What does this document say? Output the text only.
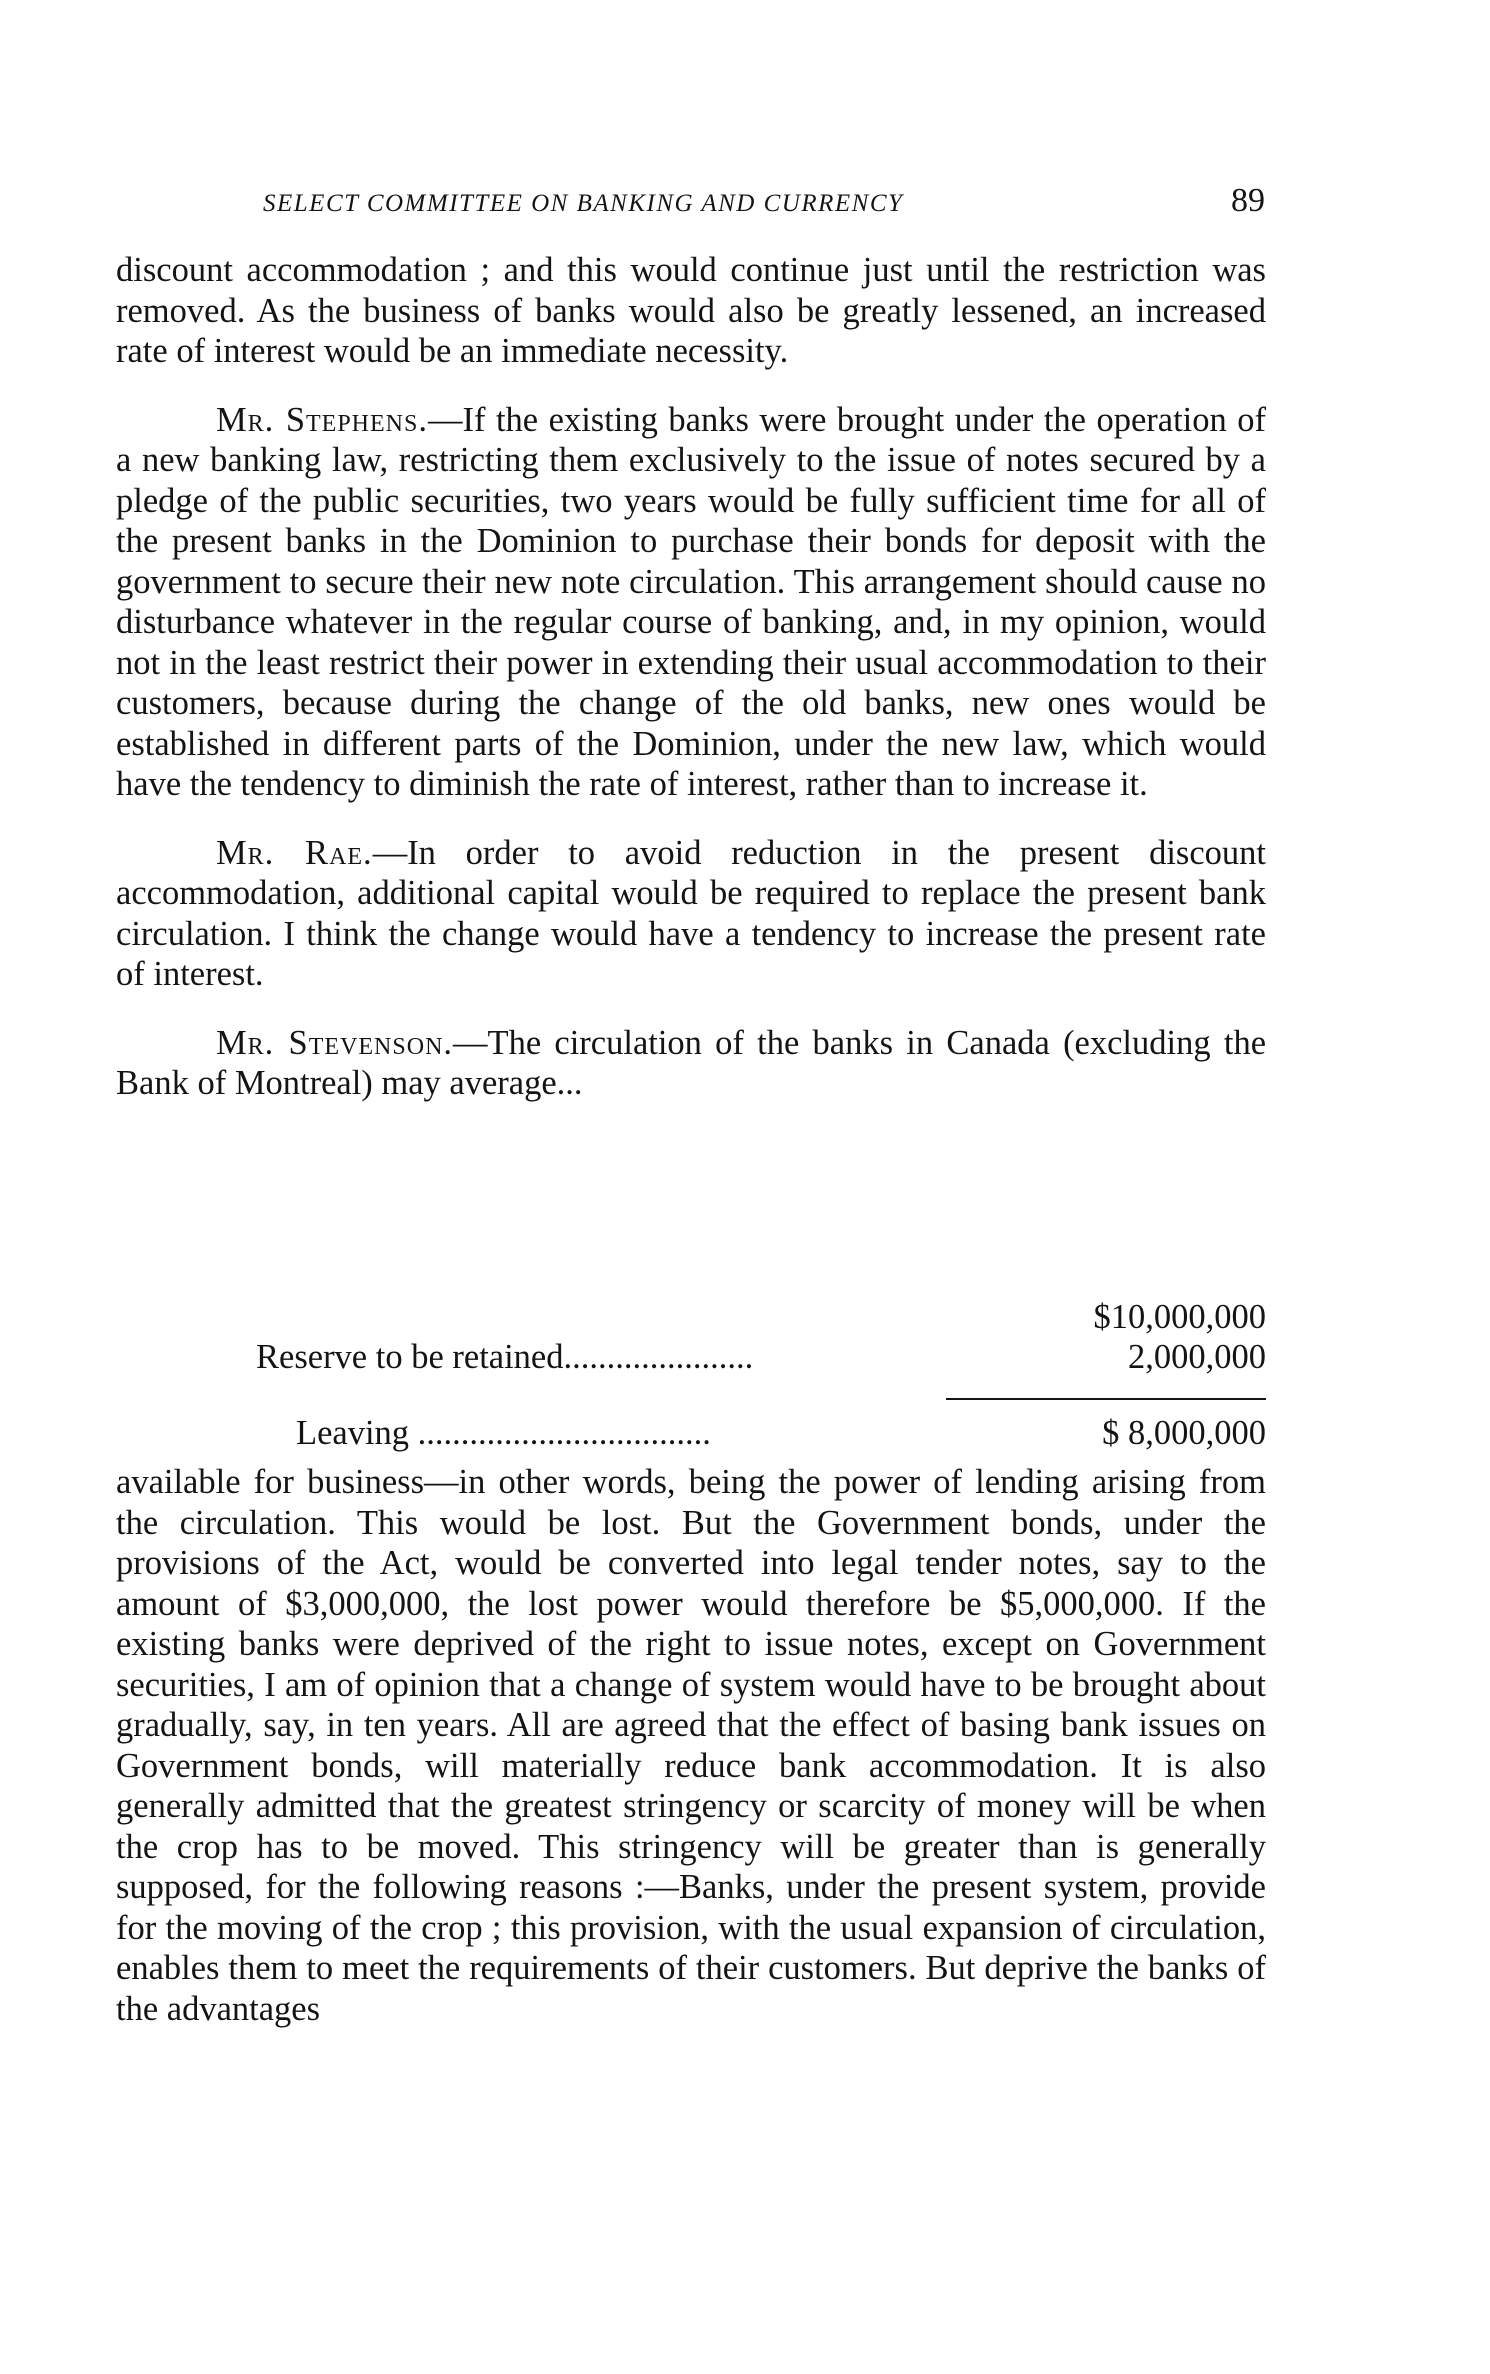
SELECT COMMITTEE ON BANKING AND CURRENCY	89

discount accommodation ; and this would continue just until the restriction was removed. As the business of banks would also be greatly lessened, an increased rate of interest would be an immediate necessity.

Mr. Stephens.—If the existing banks were brought under the operation of a new banking law, restricting them exclusively to the issue of notes secured by a pledge of the public securities, two years would be fully sufficient time for all of the present banks in the Dominion to purchase their bonds for deposit with the government to secure their new note circulation. This arrangement should cause no disturbance whatever in the regular course of banking, and, in my opinion, would not in the least restrict their power in extending their usual accommodation to their customers, because during the change of the old banks, new ones would be established in different parts of the Dominion, under the new law, which would have the tendency to diminish the rate of interest, rather than to increase it.

Mr. Rae.—In order to avoid reduction in the present discount accommodation, additional capital would be required to replace the present bank circulation. I think the change would have a tendency to increase the present rate of interest.

Mr. Stevenson.—The circulation of the banks in Canada (excluding the Bank of Montreal) may average...

$10,000,000
Reserve to be retained......................	2,000,000
Leaving ..................................	$ 8,000,000

available for business—in other words, being the power of lending arising from the circulation. This would be lost. But the Government bonds, under the provisions of the Act, would be converted into legal tender notes, say to the amount of $3,000,000, the lost power would therefore be $5,000,000. If the existing banks were deprived of the right to issue notes, except on Government securities, I am of opinion that a change of system would have to be brought about gradually, say, in ten years. All are agreed that the effect of basing bank issues on Government bonds, will materially reduce bank accommodation. It is also generally admitted that the greatest stringency or scarcity of money will be when the crop has to be moved. This stringency will be greater than is generally supposed, for the following reasons :—Banks, under the present system, provide for the moving of the crop ; this provision, with the usual expansion of circulation, enables them to meet the requirements of their customers. But deprive the banks of the advantages
